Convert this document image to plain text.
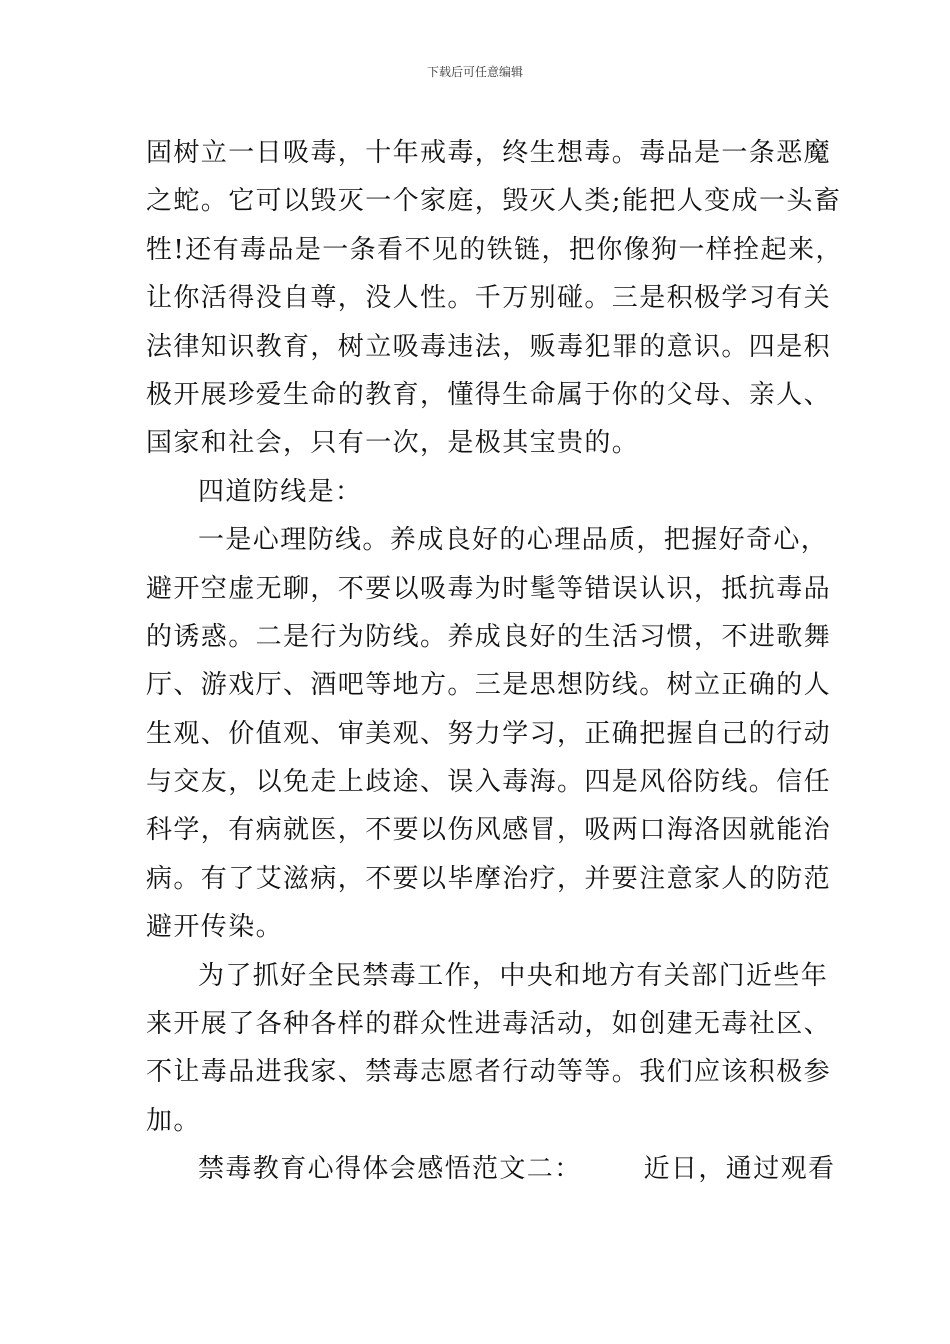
下载后可任意编辑
固树立一日吸毒，十年戒毒，终生想毒。毒品是一条恶魔
之蛇。它可以毁灭一个家庭，毁灭人类;能把人变成一头畜
牲!还有毒品是一条看不见的铁链，把你像狗一样拴起来，
让你活得没自尊，没人性。千万别碰。三是积极学习有关
法律知识教育，树立吸毒违法，贩毒犯罪的意识。四是积
极开展珍爱生命的教育，懂得生命属于你的父母、亲人、
国家和社会，只有一次，是极其宝贵的。
四道防线是：
一是心理防线。养成良好的心理品质，把握好奇心，
避开空虚无聊，不要以吸毒为时髦等错误认识，抵抗毒品
的诱惑。二是行为防线。养成良好的生活习惯，不进歌舞
厅、游戏厅、酒吧等地方。三是思想防线。树立正确的人
生观、价值观、审美观、努力学习，正确把握自己的行动
与交友，以免走上歧途、误入毒海。四是风俗防线。信任
科学，有病就医，不要以伤风感冒，吸两口海洛因就能治
病。有了艾滋病，不要以毕摩治疗，并要注意家人的防范
避开传染。
为了抓好全民禁毒工作，中央和地方有关部门近些年
来开展了各种各样的群众性进毒活动，如创建无毒社区、
不让毒品进我家、禁毒志愿者行动等等。我们应该积极参
加。
禁毒教育心得体会感悟范文二： 近日，通过观看
